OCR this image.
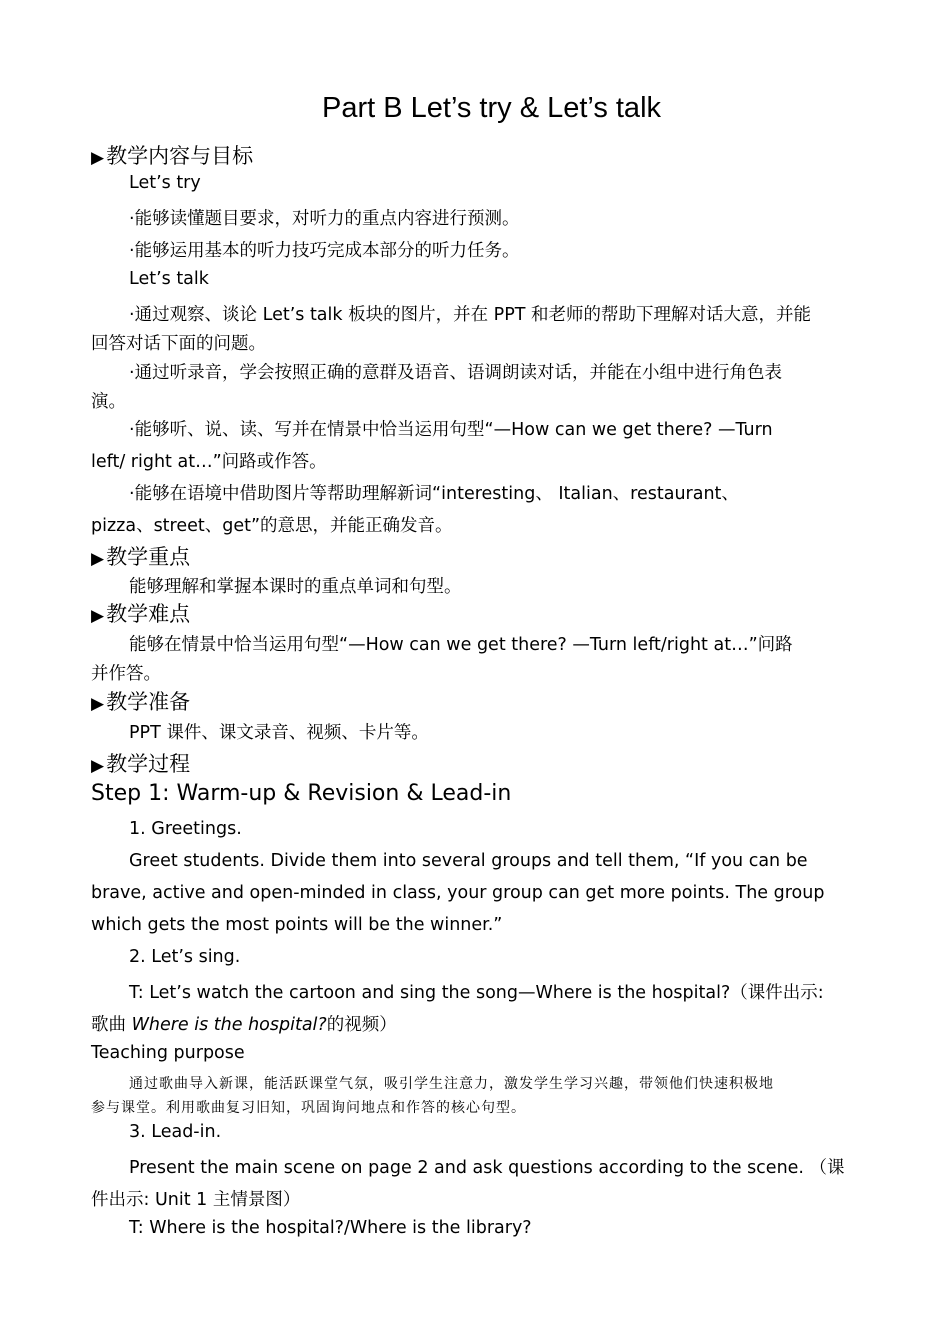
Part B Let’s try & Let’s talk
▶教学内容与目标
Let’s try
·能够读懂题目要求，对听力的重点内容进行预测。
·能够运用基本的听力技巧完成本部分的听力任务。
Let’s talk
·通过观察、谈论 Let’s talk 板块的图片，并在 PPT 和老师的帮助下理解对话大意，并能
回答对话下面的问题。
·通过听录音，学会按照正确的意群及语音、语调朗读对话，并能在小组中进行角色表
演。
·能够听、说、读、写并在情景中恰当运用句型“—How can we get there? —Turn
left/ right at…”问路或作答。
·能够在语境中借助图片等帮助理解新词“interesting、 Italian、restaurant、
pizza、street、get”的意思，并能正确发音。
▶教学重点
能够理解和掌握本课时的重点单词和句型。
▶教学难点
能够在情景中恰当运用句型“—How can we get there? —Turn left/right at…”问路
并作答。
▶教学准备
PPT 课件、课文录音、视频、卡片等。
▶教学过程
Step 1: Warm-up & Revision & Lead-in
1. Greetings.
Greet students. Divide them into several groups and tell them, “If you can be
brave, active and open-minded in class, your group can get more points. The group
which gets the most points will be the winner.”
2. Let’s sing.
T: Let’s watch the cartoon and sing the song—Where is the hospital?（课件出示:
歌曲 Where is the hospital?的视频）
Teaching purpose
通过歌曲导入新课，能活跃课堂气氛，吸引学生注意力，激发学生学习兴趣，带领他们快速积极地
参与课堂。利用歌曲复习旧知，巩固询问地点和作答的核心句型。
3. Lead-in.
Present the main scene on page 2 and ask questions according to the scene. （课
件出示: Unit 1 主情景图）
T: Where is the hospital?/Where is the library?
